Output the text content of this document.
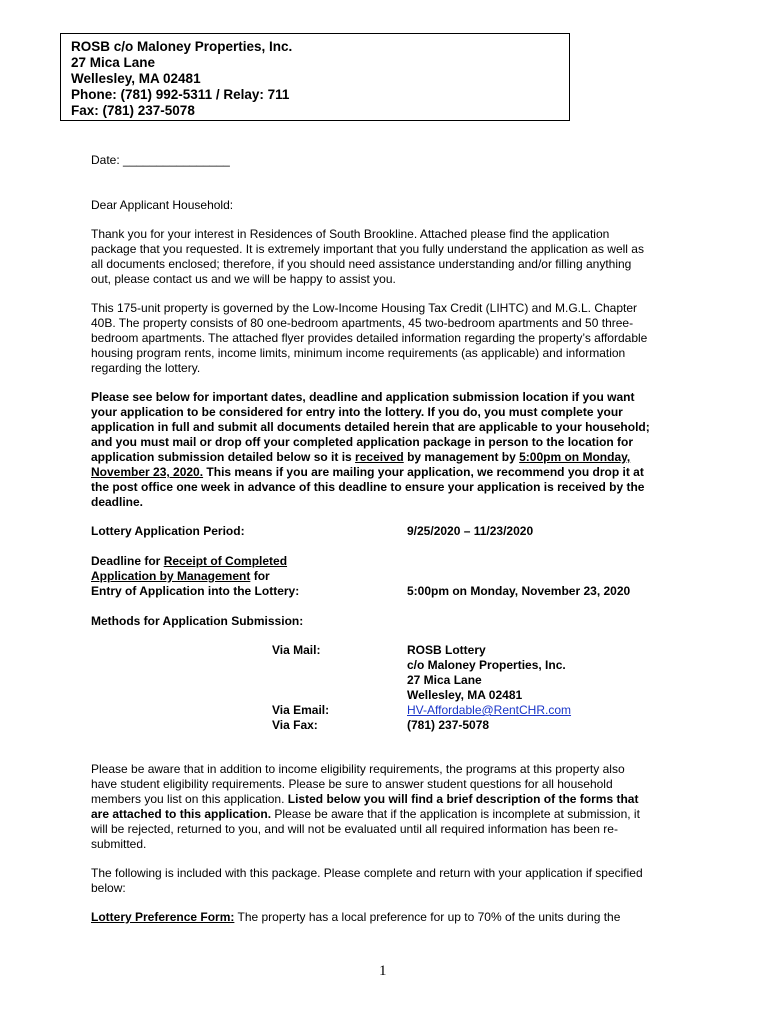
ROSB c/o Maloney Properties, Inc.
27 Mica Lane
Wellesley, MA 02481
Phone: (781) 992-5311 / Relay: 711
Fax: (781) 237-5078
Date: ________________
Dear Applicant Household:
Thank you for your interest in Residences of South Brookline. Attached please find the application
package that you requested. It is extremely important that you fully understand the application as well as
all documents enclosed; therefore, if you should need assistance understanding and/or filling anything
out, please contact us and we will be happy to assist you.
This 175-unit property is governed by the Low-Income Housing Tax Credit (LIHTC) and M.G.L. Chapter
40B. The property consists of 80 one-bedroom apartments, 45 two-bedroom apartments and 50 three-
bedroom apartments. The attached flyer provides detailed information regarding the property’s affordable
housing program rents, income limits, minimum income requirements (as applicable) and information
regarding the lottery.
Please see below for important dates, deadline and application submission location if you want
your application to be considered for entry into the lottery. If you do, you must complete your
application in full and submit all documents detailed herein that are applicable to your household;
and you must mail or drop off your completed application package in person to the location for
application submission detailed below so it is received by management by 5:00pm on Monday,
November 23, 2020. This means if you are mailing your application, we recommend you drop it at
the post office one week in advance of this deadline to ensure your application is received by the
deadline.
Lottery Application Period:	9/25/2020 – 11/23/2020
Deadline for Receipt of Completed
Application by Management for
Entry of Application into the Lottery:	5:00pm on Monday, November 23, 2020
Methods for Application Submission:
Via Mail:	ROSB Lottery
c/o Maloney Properties, Inc.
27 Mica Lane
Wellesley, MA 02481
Via Email:	HV-Affordable@RentCHR.com
Via Fax:	(781) 237-5078
Please be aware that in addition to income eligibility requirements, the programs at this property also
have student eligibility requirements. Please be sure to answer student questions for all household
members you list on this application. Listed below you will find a brief description of the forms that
are attached to this application. Please be aware that if the application is incomplete at submission, it
will be rejected, returned to you, and will not be evaluated until all required information has been re-
submitted.
The following is included with this package. Please complete and return with your application if specified
below:
Lottery Preference Form: The property has a local preference for up to 70% of the units during the
1
